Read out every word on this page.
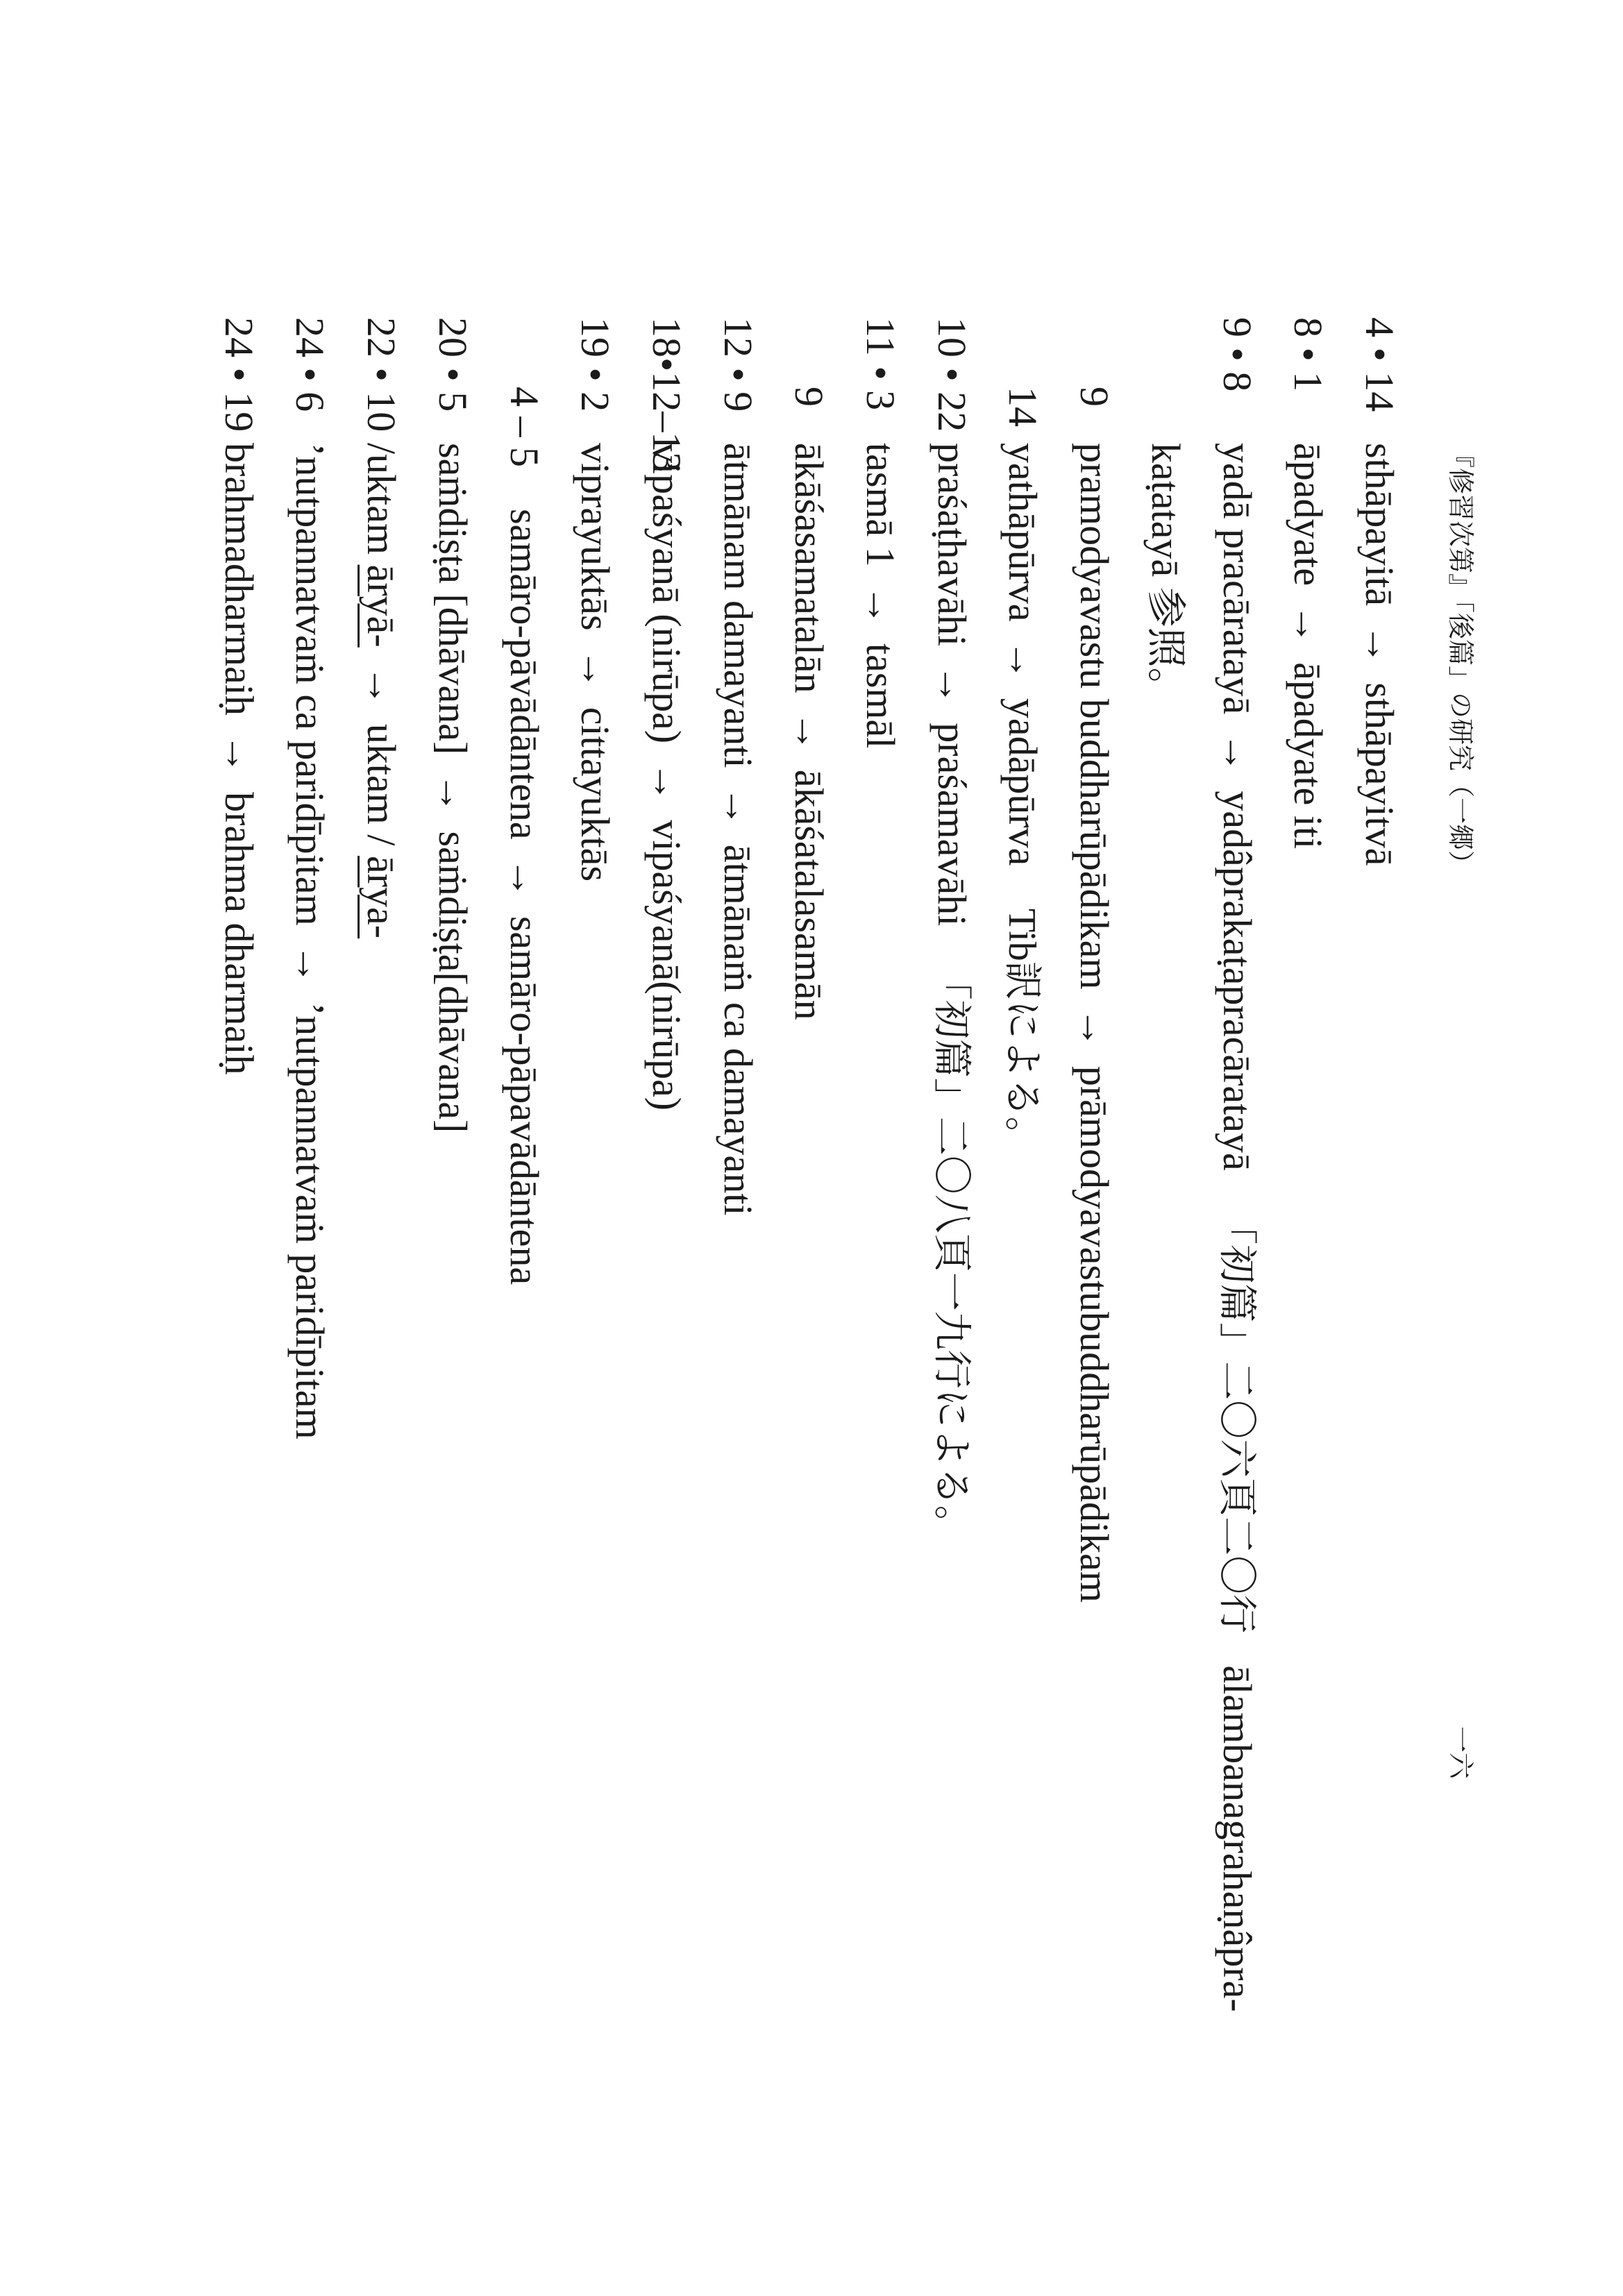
『修習次第』「後篇」の研究（一郷）
一六
4 • 14
sthāpayitā→sthāpayitvā
8 • 1
āpadyate→āpadyate iti
9 • 8
yadā pracāratayā→yadâprakaṭapracāratayā「初篇」二〇六頁二〇行ālambanagrahaṇâpra-
kaṭatayā 参照。
9
pramodyavastu buddharūpādikam→prāmodyavastubuddharūpādikam
14
yathāpūrva→yadāpūrvaTib訳による。
10 • 22
praśaṭhavāhi→praśamavāhi「初篇」二〇八頁一九行による。
11 • 3
tasmā 1→tasmāl
9
ākāśasamatalān→ākāśatalasamān
12 • 9
ātmānam damayanti→ātmānaṁ ca damayanti
18•12–13
vipaśyanā (nirūpa)→vipaśyanā(nirūpa)
19 • 2
viprayuktās→cittayuktās
4 – 5
samāro-pāvādāntena→samāro-pāpavādāntena
20 • 5
saṁdiṣṭa [dhāvana]→saṁdiṣṭa[dhāvana]
22 • 10
/uktam āryā-→uktam / ārya-
24 • 6
’nutpannatvaṁ ca paridīpitam→’nutpannatvaṁ paridīpitam
24 • 19
brahmadharmaiḥ→brahma dharmaiḥ
